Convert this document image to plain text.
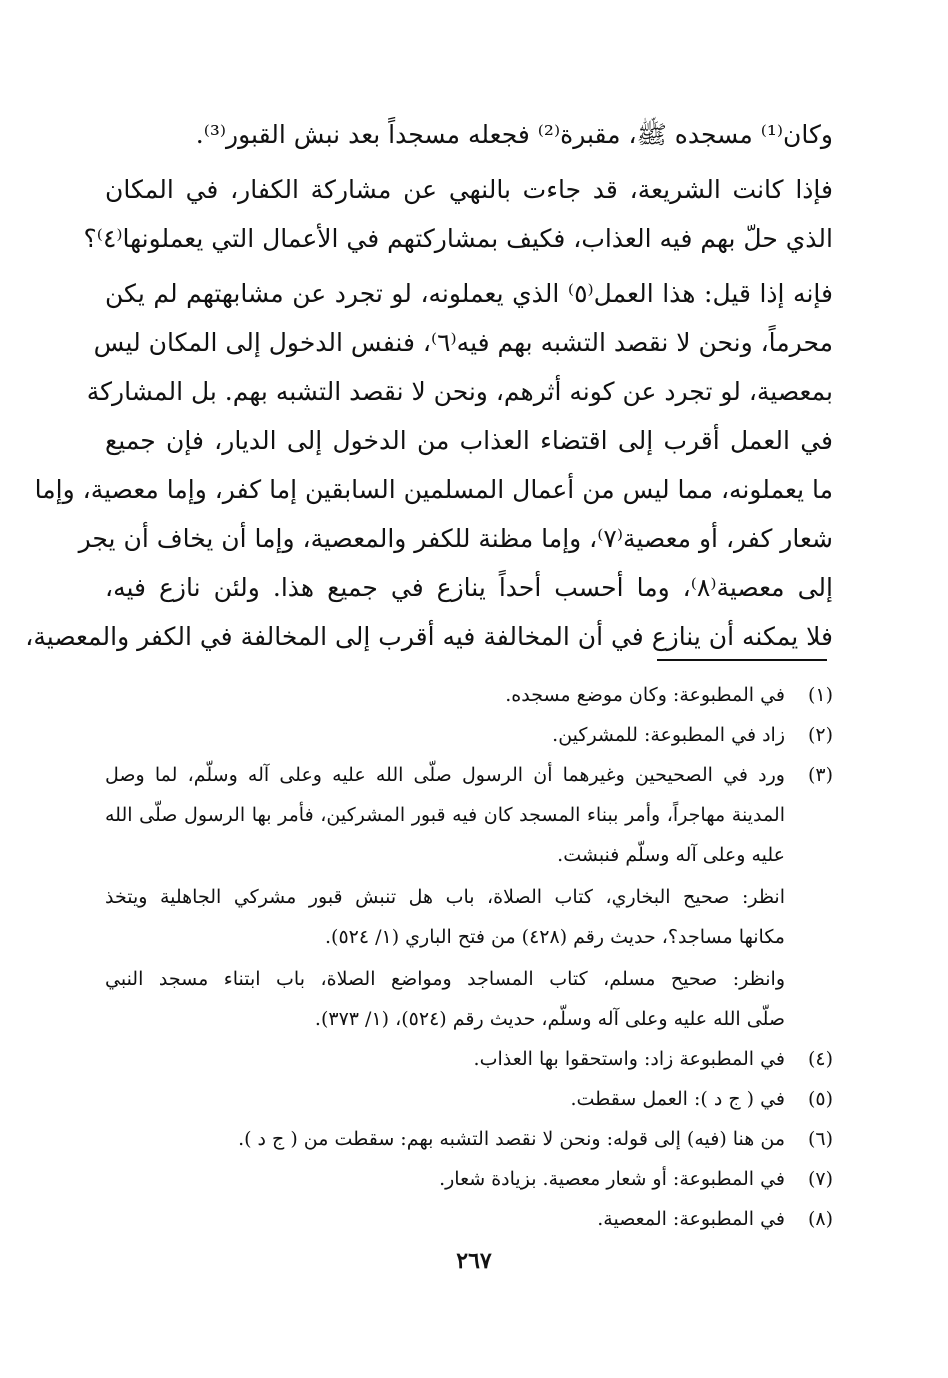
وكان⁽¹⁾ مسجده ﷺ، مقبرة⁽²⁾ فجعله مسجداً بعد نبش القبور⁽³⁾.
فإذا كانت الشريعة، قد جاءت بالنهي عن مشاركة الكفار، في المكان
الذي حلّ بهم فيه العذاب، فكيف بمشاركتهم في الأعمال التي يعملونها⁽٤⁾؟
فإنه إذا قيل: هذا العمل⁽٥⁾ الذي يعملونه، لو تجرد عن مشابهتهم لم يكن
محرماً، ونحن لا نقصد التشبه بهم فيه⁽٦⁾، فنفس الدخول إلى المكان ليس
بمعصية، لو تجرد عن كونه أثرهم، ونحن لا نقصد التشبه بهم. بل المشاركة
في العمل أقرب إلى اقتضاء العذاب من الدخول إلى الديار، فإن جميع
ما يعملونه، مما ليس من أعمال المسلمين السابقين إما كفر، وإما معصية، وإما
شعار كفر، أو معصية⁽٧⁾، وإما مظنة للكفر والمعصية، وإما أن يخاف أن يجر
إلى معصية⁽٨⁾، وما أحسب أحداً ينازع في جميع هذا. ولئن نازع فيه،
فلا يمكنه أن ينازع في أن المخالفة فيه أقرب إلى المخالفة في الكفر والمعصية،
(١)
في المطبوعة: وكان موضع مسجده.
(٢)
زاد في المطبوعة: للمشركين.
(٣)
ورد في الصحيحين وغيرهما أن الرسول صلّى الله عليه وعلى آله وسلّم، لما وصل
المدينة مهاجراً، وأمر ببناء المسجد كان فيه قبور المشركين، فأمر بها الرسول صلّى الله
عليه وعلى آله وسلّم فنبشت.
انظر: صحيح البخاري، كتاب الصلاة، باب هل تنبش قبور مشركي الجاهلية ويتخذ
مكانها مساجد؟، حديث رقم (٤٢٨) من فتح الباري (١/ ٥٢٤).
وانظر: صحيح مسلم، كتاب المساجد ومواضع الصلاة، باب ابتناء مسجد النبي
صلّى الله عليه وعلى آله وسلّم، حديث رقم (٥٢٤)، (١/ ٣٧٣).
(٤)
في المطبوعة زاد: واستحقوا بها العذاب.
(٥)
في ( ج د ): العمل سقطت.
(٦)
من هنا (فيه) إلى قوله: ونحن لا نقصد التشبه بهم: سقطت من ( ج د ).
(٧)
في المطبوعة: أو شعار معصية. بزيادة شعار.
(٨)
في المطبوعة: المعصية.
٢٦٧
